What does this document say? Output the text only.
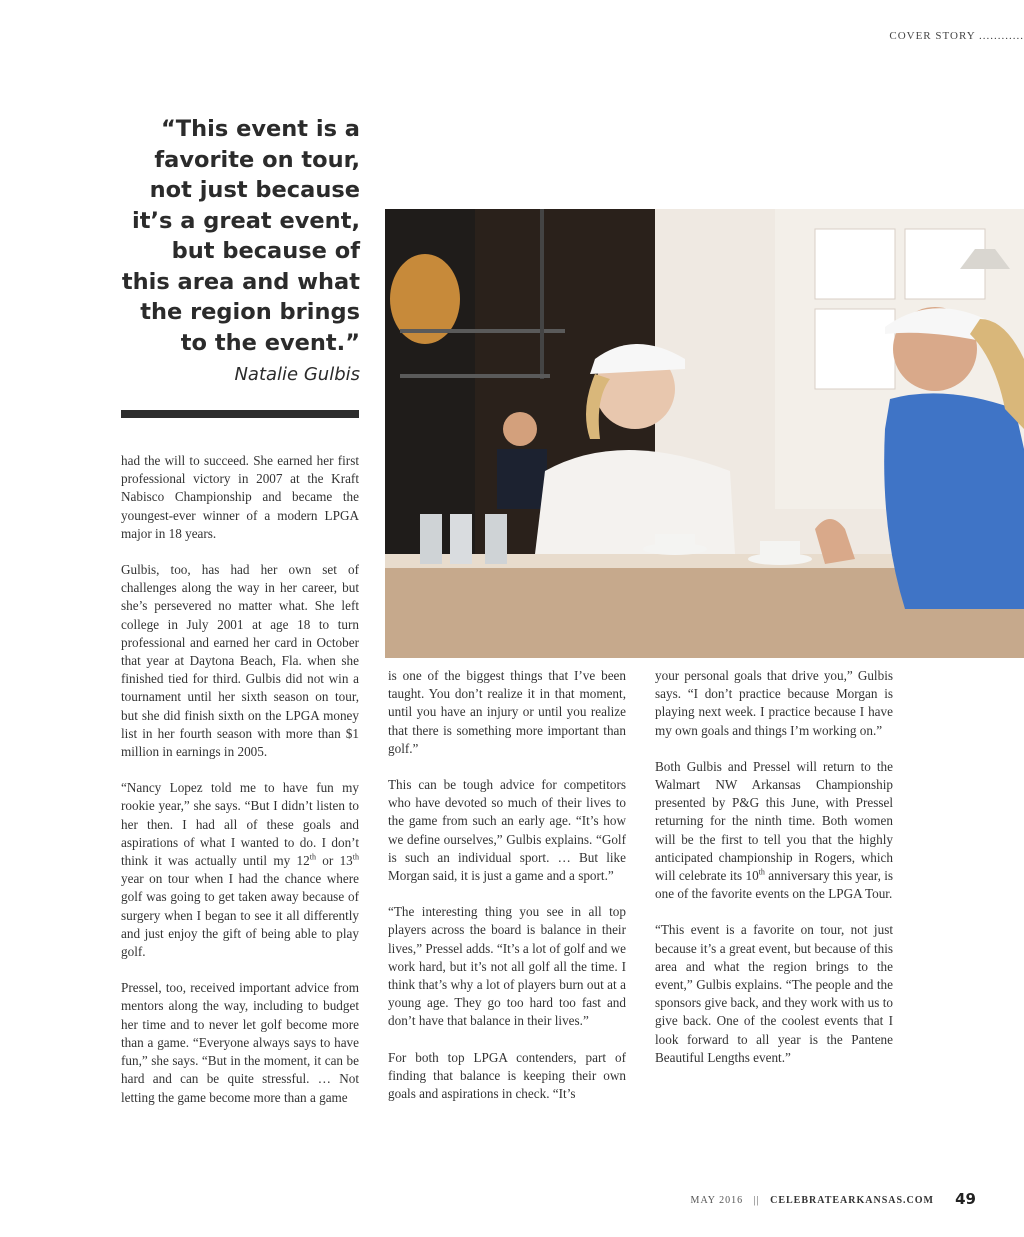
COVER STORY ............
“This event is a
favorite on tour,
not just because
it’s a great event,
but because of
this area and what
the region brings
to the event.”
Natalie Gulbis

had the will to succeed. She earned her first professional victory in 2007 at the Kraft Nabisco Championship and became the youngest-ever winner of a modern LPGA major in 18 years.

Gulbis, too, has had her own set of challenges along the way in her career, but she’s persevered no matter what. She left college in July 2001 at age 18 to turn professional and earned her card in October that year at Daytona Beach, Fla. when she finished tied for third. Gulbis did not win a tournament until her sixth season on tour, but she did finish sixth on the LPGA money list in her fourth season with more than $1 million in earnings in 2005.

“Nancy Lopez told me to have fun my rookie year,” she says. “But I didn’t listen to her then. I had all of these goals and aspirations of what I wanted to do. I don’t think it was actually until my 12th or 13th year on tour when I had the chance where golf was going to get taken away because of surgery when I began to see it all differently and just enjoy the gift of being able to play golf.

Pressel, too, received important advice from mentors along the way, including to budget her time and to never let golf become more than a game. “Everyone always says to have fun,” she says. “But in the moment, it can be hard and can be quite stressful. … Not letting the game become more than a game

is one of the biggest things that I’ve been taught. You don’t realize it in that moment, until you have an injury or until you realize that there is something more important than golf.”

This can be tough advice for competitors who have devoted so much of their lives to the game from such an early age. “It’s how we define ourselves,” Gulbis explains. “Golf is such an individual sport. … But like Morgan said, it is just a game and a sport.”

“The interesting thing you see in all top players across the board is balance in their lives,” Pressel adds. “It’s a lot of golf and we work hard, but it’s not all golf all the time. I think that’s why a lot of players burn out at a young age. They go too hard too fast and don’t have that balance in their lives.”

For both top LPGA contenders, part of finding that balance is keeping their own goals and aspirations in check. “It’s

your personal goals that drive you,” Gulbis says. “I don’t practice because Morgan is playing next week. I practice because I have my own goals and things I’m working on.”

Both Gulbis and Pressel will return to the Walmart NW Arkansas Championship presented by P&G this June, with Pressel returning for the ninth time. Both women will be the first to tell you that the highly anticipated championship in Rogers, which will celebrate its 10th anniversary this year, is one of the favorite events on the LPGA Tour.

“This event is a favorite on tour, not just because it’s a great event, but because of this area and what the region brings to the event,” Gulbis explains. “The people and the sponsors give back, and they work with us to give back. One of the coolest events that I look forward to all year is the Pantene Beautiful Lengths event.”

MAY 2016 || CELEBRATEARKANSAS.COM 49
